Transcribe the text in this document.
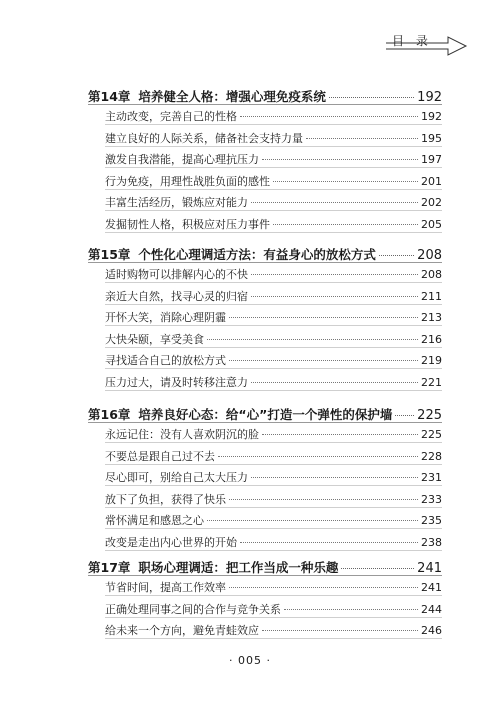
目 录
第14章 培养健全人格：增强心理免疫系统	192
主动改变，完善自己的性格	192
建立良好的人际关系，储备社会支持力量	195
激发自我潜能，提高心理抗压力	197
行为免疫，用理性战胜负面的感性	201
丰富生活经历，锻炼应对能力	202
发掘韧性人格，积极应对压力事件	205
第15章 个性化心理调适方法：有益身心的放松方式	208
适时购物可以排解内心的不快	208
亲近大自然，找寻心灵的归宿	211
开怀大笑，消除心理阴霾	213
大快朵颐，享受美食	216
寻找适合自己的放松方式	219
压力过大，请及时转移注意力	221
第16章 培养良好心态：给“心”打造一个弹性的保护墙 225
永远记住：没有人喜欢阴沉的脸	225
不要总是跟自己过不去	228
尽心即可，别给自己太大压力	231
放下了负担，获得了快乐	233
常怀满足和感恩之心	235
改变是走出内心世界的开始	238
第17章 职场心理调适：把工作当成一种乐趣	241
节省时间，提高工作效率	241
正确处理同事之间的合作与竞争关系	244
给未来一个方向，避免青蛙效应	246
· 005 ·
